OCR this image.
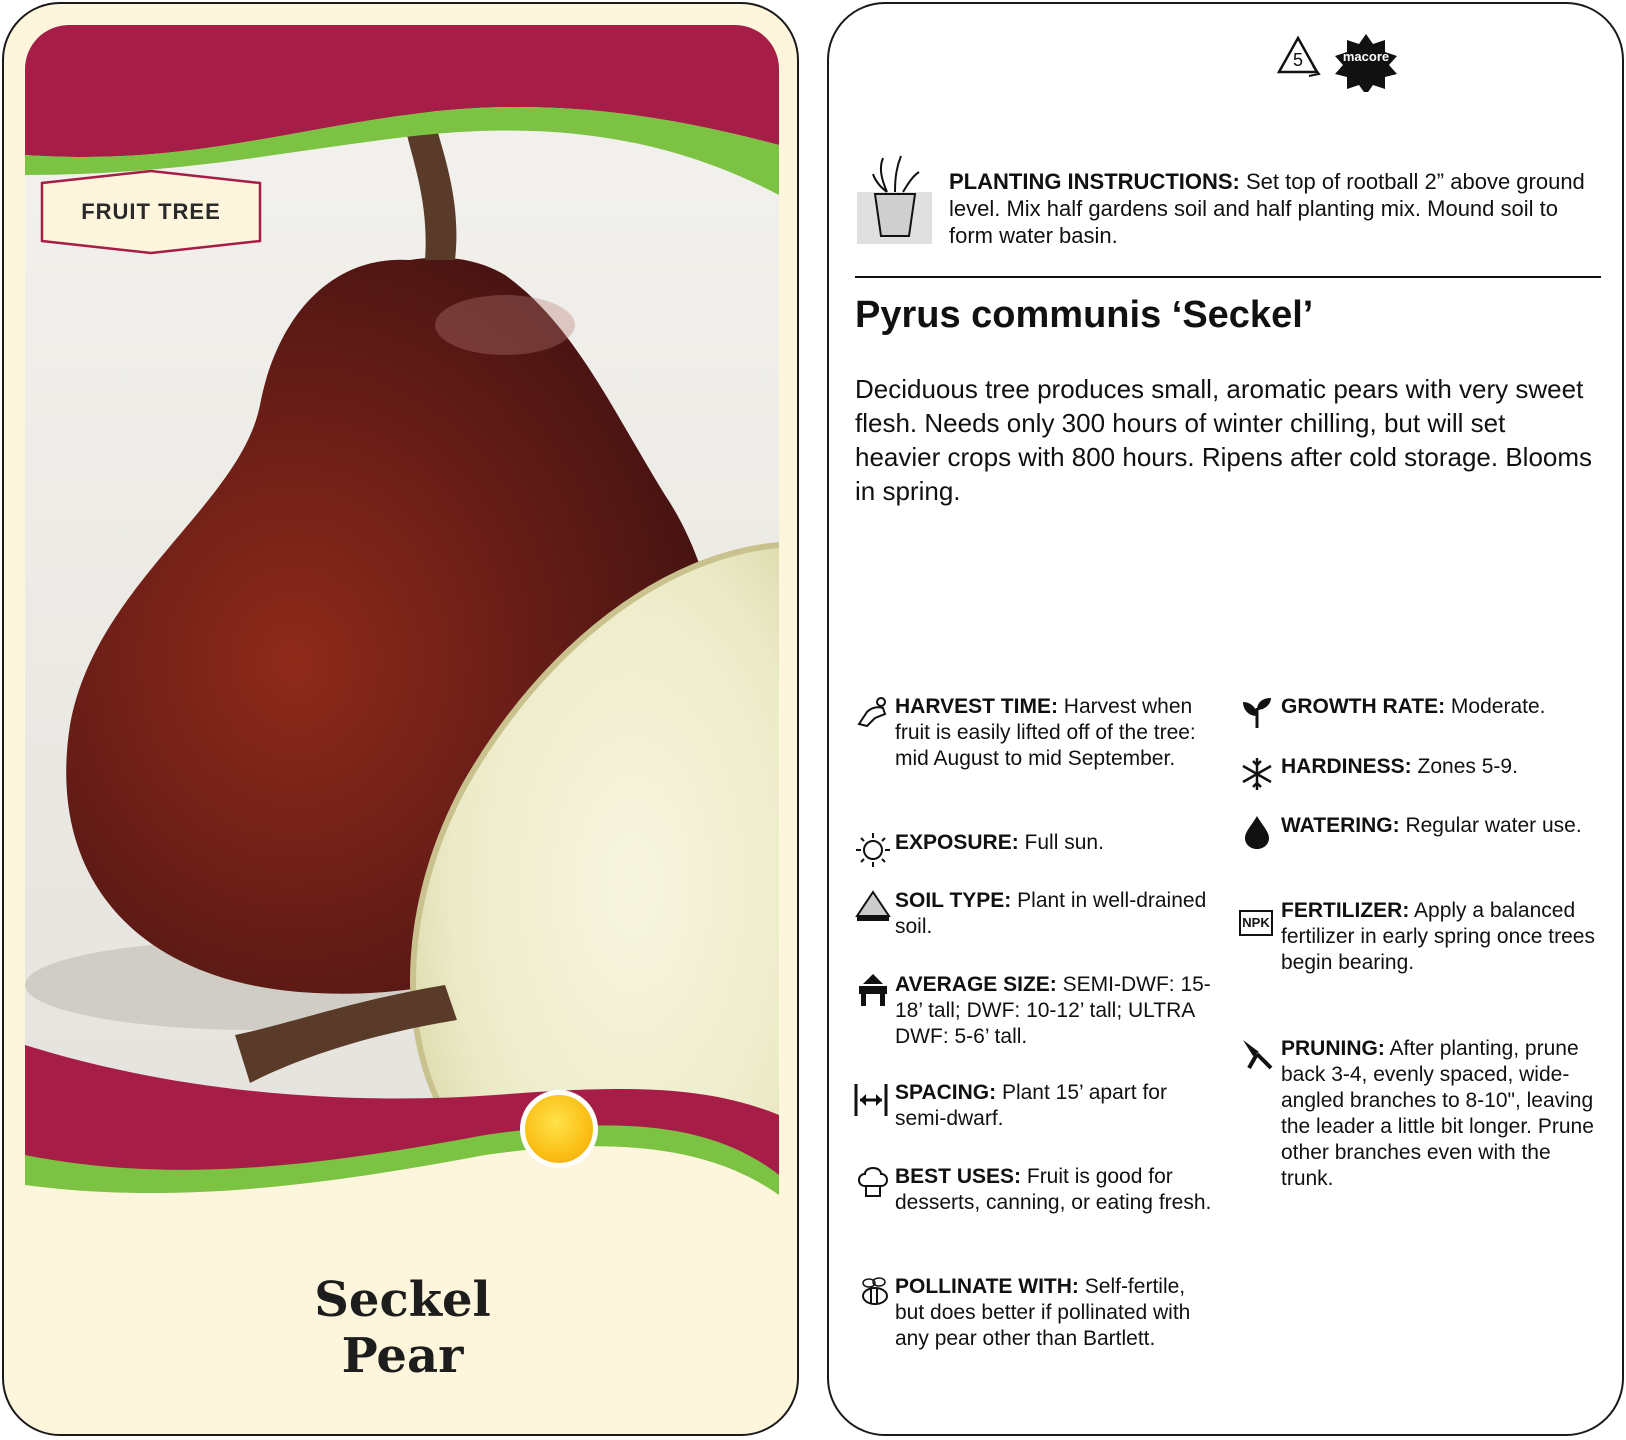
FRUIT TREE
Seckel
Pear
5	macore
PLANTING INSTRUCTIONS: Set top of rootball 2” above ground level. Mix half gardens soil and half planting mix. Mound soil to form water basin.
Pyrus communis ‘Seckel’
Deciduous tree produces small, aromatic pears with very sweet flesh. Needs only 300 hours of winter chilling, but will set heavier crops with 800 hours. Ripens after cold storage. Blooms in spring.
HARVEST TIME: Harvest when fruit is easily lifted off of the tree: mid August to mid September.
EXPOSURE: Full sun.
SOIL TYPE: Plant in well-drained soil.
AVERAGE SIZE: SEMI-DWF: 15-18’ tall; DWF: 10-12’ tall; ULTRA DWF: 5-6’ tall.
SPACING: Plant 15’ apart for semi-dwarf.
BEST USES: Fruit is good for desserts, canning, or eating fresh.
POLLINATE WITH: Self-fertile, but does better if pollinated with any pear other than Bartlett.
GROWTH RATE: Moderate.
HARDINESS: Zones 5-9.
WATERING: Regular water use.
NPK
FERTILIZER: Apply a balanced fertilizer in early spring once trees begin bearing.
PRUNING: After planting, prune back 3-4, evenly spaced, wide-angled branches to 8-10", leaving the leader a little bit longer. Prune other branches even with the trunk.
